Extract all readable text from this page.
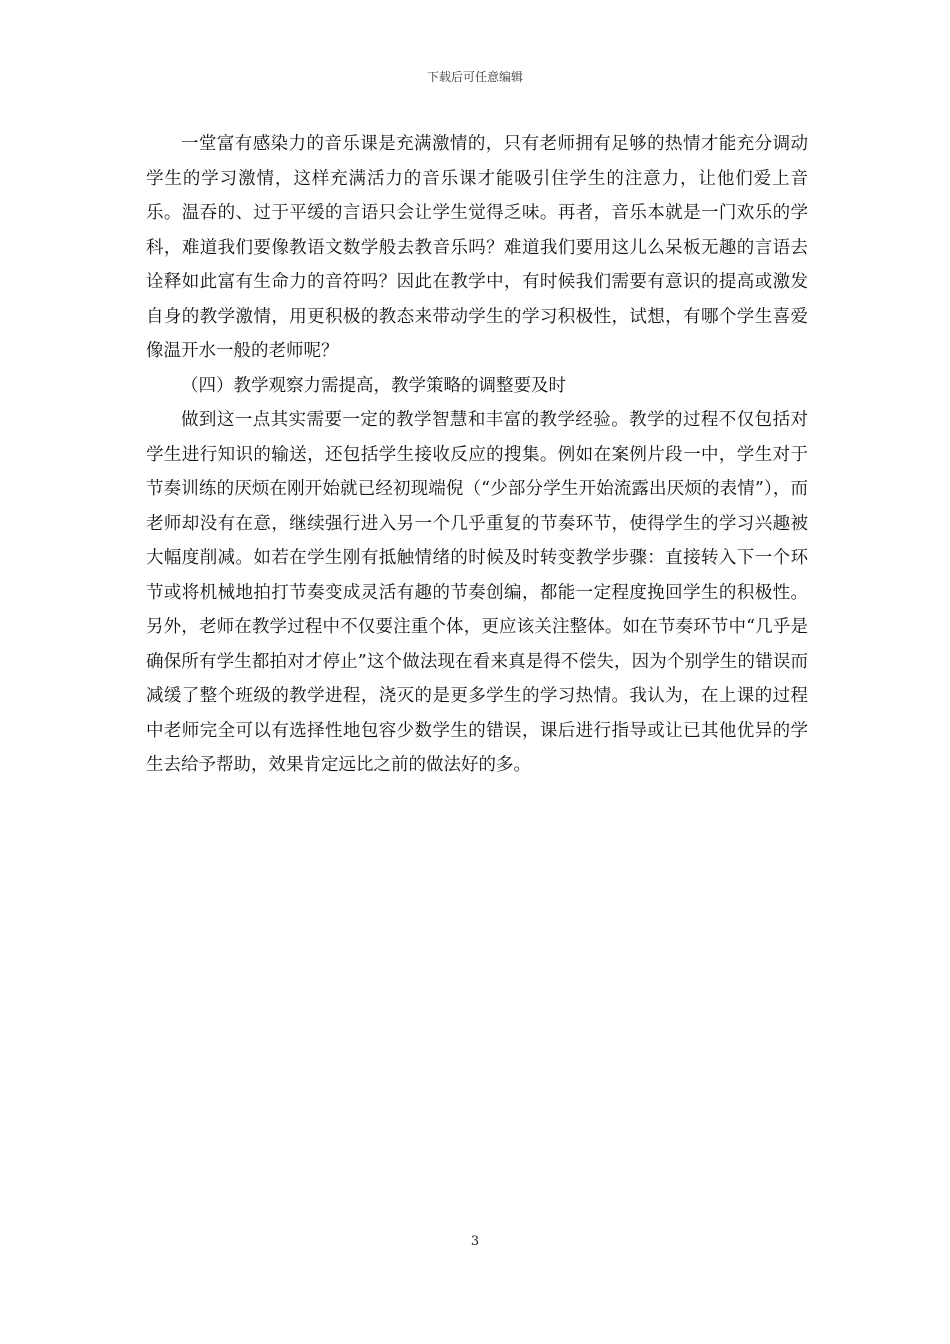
下载后可任意编辑

一堂富有感染力的音乐课是充满激情的，只有老师拥有足够的热情才能充分调动学生的学习激情，这样充满活力的音乐课才能吸引住学生的注意力，让他们爱上音乐。温吞的、过于平缓的言语只会让学生觉得乏味。再者，音乐本就是一门欢乐的学科，难道我们要像教语文数学般去教音乐吗？难道我们要用这儿么呆板无趣的言语去诠释如此富有生命力的音符吗？因此在教学中，有时候我们需要有意识的提高或激发自身的教学激情，用更积极的教态来带动学生的学习积极性，试想，有哪个学生喜爱像温开水一般的老师呢？

（四）教学观察力需提高，教学策略的调整要及时

做到这一点其实需要一定的教学智慧和丰富的教学经验。教学的过程不仅包括对学生进行知识的输送，还包括学生接收反应的搜集。例如在案例片段一中，学生对于节奏训练的厌烦在刚开始就已经初现端倪（“少部分学生开始流露出厌烦的表情”），而老师却没有在意，继续强行进入另一个几乎重复的节奏环节，使得学生的学习兴趣被大幅度削减。如若在学生刚有抵触情绪的时候及时转变教学步骤：直接转入下一个环节或将机械地拍打节奏变成灵活有趣的节奏创编，都能一定程度挽回学生的积极性。另外，老师在教学过程中不仅要注重个体，更应该关注整体。如在节奏环节中“几乎是确保所有学生都拍对才停止”这个做法现在看来真是得不偿失，因为个别学生的错误而减缓了整个班级的教学进程，浇灭的是更多学生的学习热情。我认为，在上课的过程中老师完全可以有选择性地包容少数学生的错误，课后进行指导或让已其他优异的学生去给予帮助，效果肯定远比之前的做法好的多。

3
